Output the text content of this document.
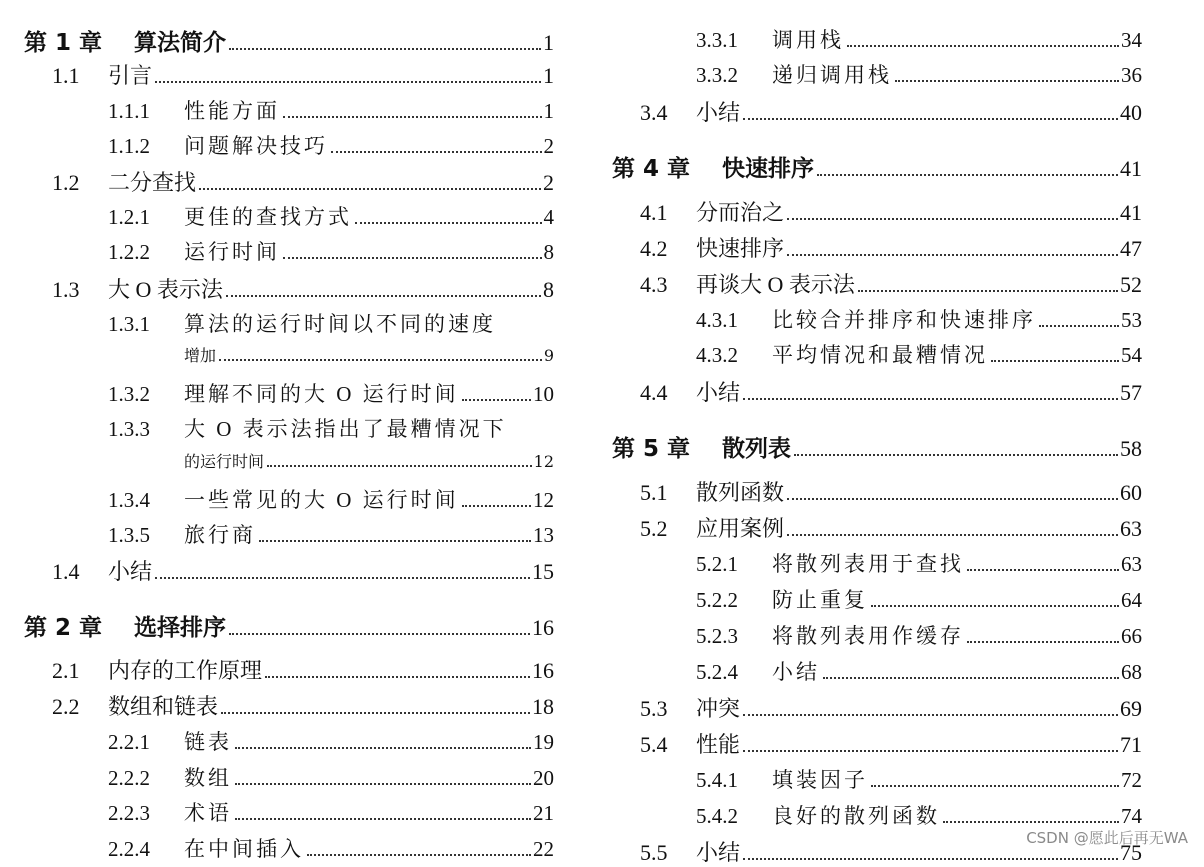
第 1 章	算法简介	1
1.1	引言	1
1.1.1	性能方面	1
1.1.2	问题解决技巧	2
1.2	二分查找	2
1.2.1	更佳的查找方式	4
1.2.2	运行时间	8
1.3	大 O 表示法	8
1.3.1	算法的运行时间以不同的速度
增加	9
1.3.2	理解不同的大 O 运行时间	10
1.3.3	大 O 表示法指出了最糟情况下
的运行时间	12
1.3.4	一些常见的大 O 运行时间	12
1.3.5	旅行商	13
1.4	小结	15
第 2 章	选择排序	16
2.1	内存的工作原理	16
2.2	数组和链表	18
2.2.1	链表	19
2.2.2	数组	20
2.2.3	术语	21
2.2.4	在中间插入	22
3.3.1	调用栈	34
3.3.2	递归调用栈	36
3.4	小结	40
第 4 章	快速排序	41
4.1	分而治之	41
4.2	快速排序	47
4.3	再谈大 O 表示法	52
4.3.1	比较合并排序和快速排序	53
4.3.2	平均情况和最糟情况	54
4.4	小结	57
第 5 章	散列表	58
5.1	散列函数	60
5.2	应用案例	63
5.2.1	将散列表用于查找	63
5.2.2	防止重复	64
5.2.3	将散列表用作缓存	66
5.2.4	小结	68
5.3	冲突	69
5.4	性能	71
5.4.1	填装因子	72
5.4.2	良好的散列函数	74
5.5	小结	75
CSDN @愿此后再无WA
